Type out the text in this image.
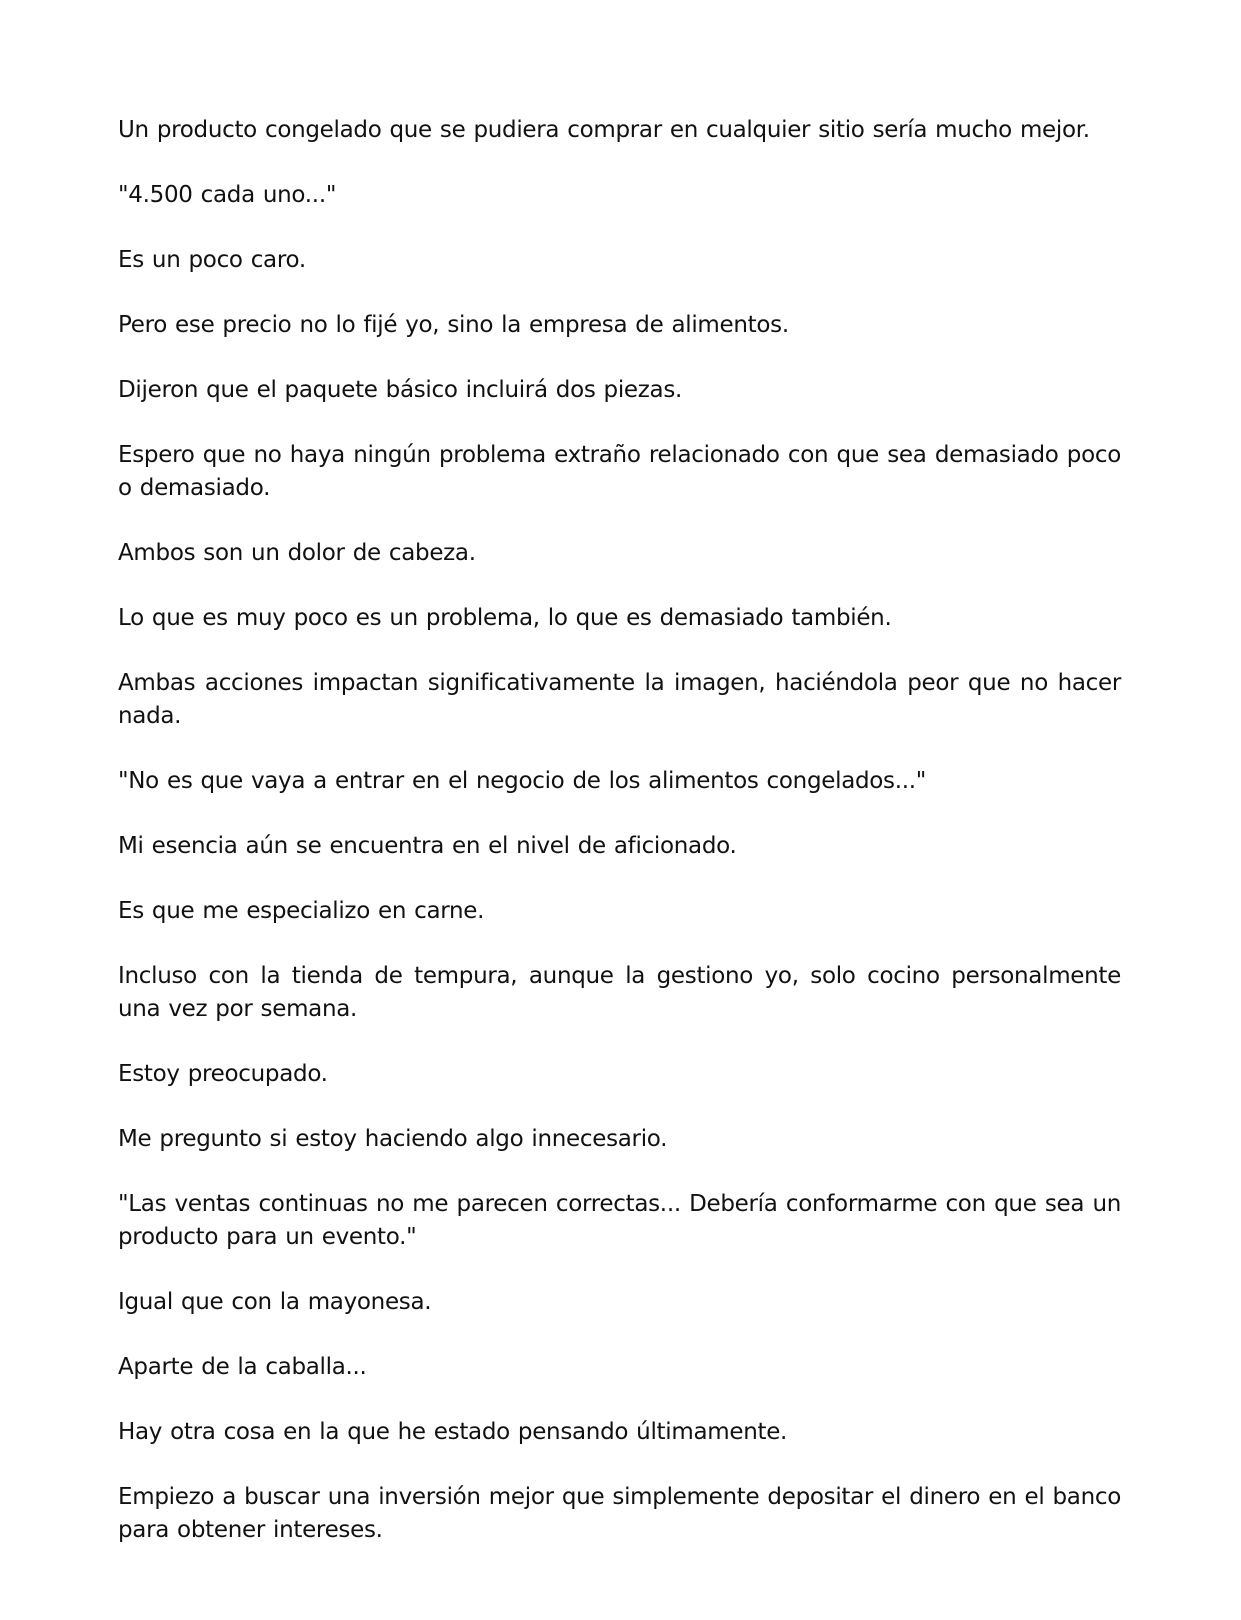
Un producto congelado que se pudiera comprar en cualquier sitio sería mucho mejor.

"4.500 cada uno..."

Es un poco caro.

Pero ese precio no lo fijé yo, sino la empresa de alimentos.

Dijeron que el paquete básico incluirá dos piezas.

Espero que no haya ningún problema extraño relacionado con que sea demasiado poco o demasiado.

Ambos son un dolor de cabeza.

Lo que es muy poco es un problema, lo que es demasiado también.

Ambas acciones impactan significativamente la imagen, haciéndola peor que no hacer nada.

"No es que vaya a entrar en el negocio de los alimentos congelados..."

Mi esencia aún se encuentra en el nivel de aficionado.

Es que me especializo en carne.

Incluso con la tienda de tempura, aunque la gestiono yo, solo cocino personalmente una vez por semana.

Estoy preocupado.

Me pregunto si estoy haciendo algo innecesario.

"Las ventas continuas no me parecen correctas... Debería conformarme con que sea un producto para un evento."

Igual que con la mayonesa.

Aparte de la caballa...

Hay otra cosa en la que he estado pensando últimamente.

Empiezo a buscar una inversión mejor que simplemente depositar el dinero en el banco para obtener intereses.
